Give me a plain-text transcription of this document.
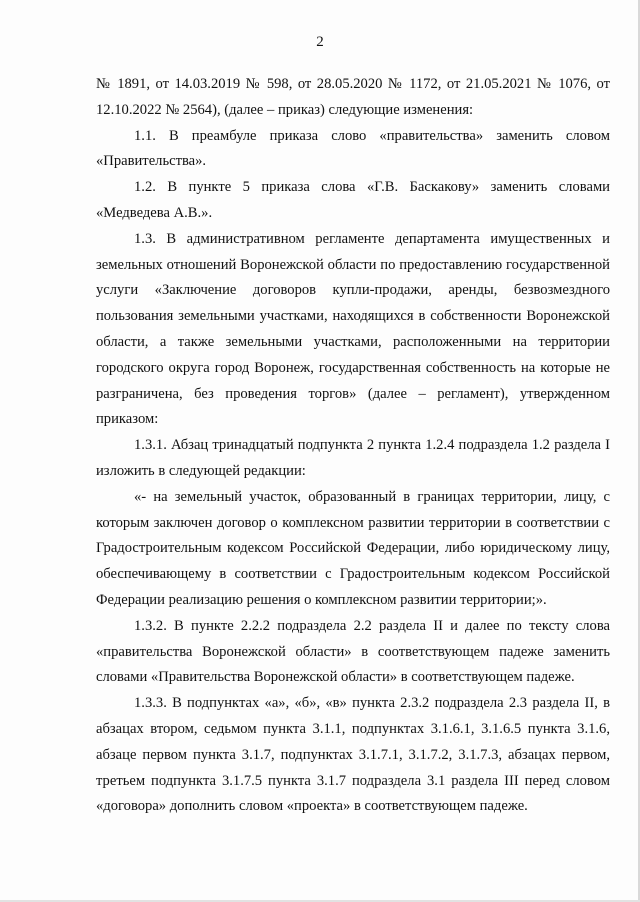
2

№ 1891, от 14.03.2019 № 598, от 28.05.2020 № 1172, от 21.05.2021 № 1076, от 12.10.2022 № 2564), (далее – приказ) следующие изменения:

1.1. В преамбуле приказа слово «правительства» заменить словом «Правительства».

1.2. В пункте 5 приказа слова «Г.В. Баскакову» заменить словами «Медведева А.В.».

1.3. В административном регламенте департамента имущественных и земельных отношений Воронежской области по предоставлению государственной услуги «Заключение договоров купли-продажи, аренды, безвозмездного пользования земельными участками, находящихся в собственности Воронежской области, а также земельными участками, расположенными на территории городского округа город Воронеж, государственная собственность на которые не разграничена, без проведения торгов» (далее – регламент), утвержденном приказом:

1.3.1. Абзац тринадцатый подпункта 2 пункта 1.2.4 подраздела 1.2 раздела I изложить в следующей редакции:

«- на земельный участок, образованный в границах территории, лицу, с которым заключен договор о комплексном развитии территории в соответствии с Градостроительным кодексом Российской Федерации, либо юридическому лицу, обеспечивающему в соответствии с Градостроительным кодексом Российской Федерации реализацию решения о комплексном развитии территории;».

1.3.2. В пункте 2.2.2 подраздела 2.2 раздела II и далее по тексту слова «правительства Воронежской области» в соответствующем падеже заменить словами «Правительства Воронежской области» в соответствующем падеже.

1.3.3. В подпунктах «а», «б», «в» пункта 2.3.2 подраздела 2.3 раздела II, в абзацах втором, седьмом пункта 3.1.1, подпунктах 3.1.6.1, 3.1.6.5 пункта 3.1.6, абзаце первом пункта 3.1.7, подпунктах 3.1.7.1, 3.1.7.2, 3.1.7.3, абзацах первом, третьем подпункта 3.1.7.5 пункта 3.1.7 подраздела 3.1 раздела III перед словом «договора» дополнить словом «проекта» в соответствующем падеже.
